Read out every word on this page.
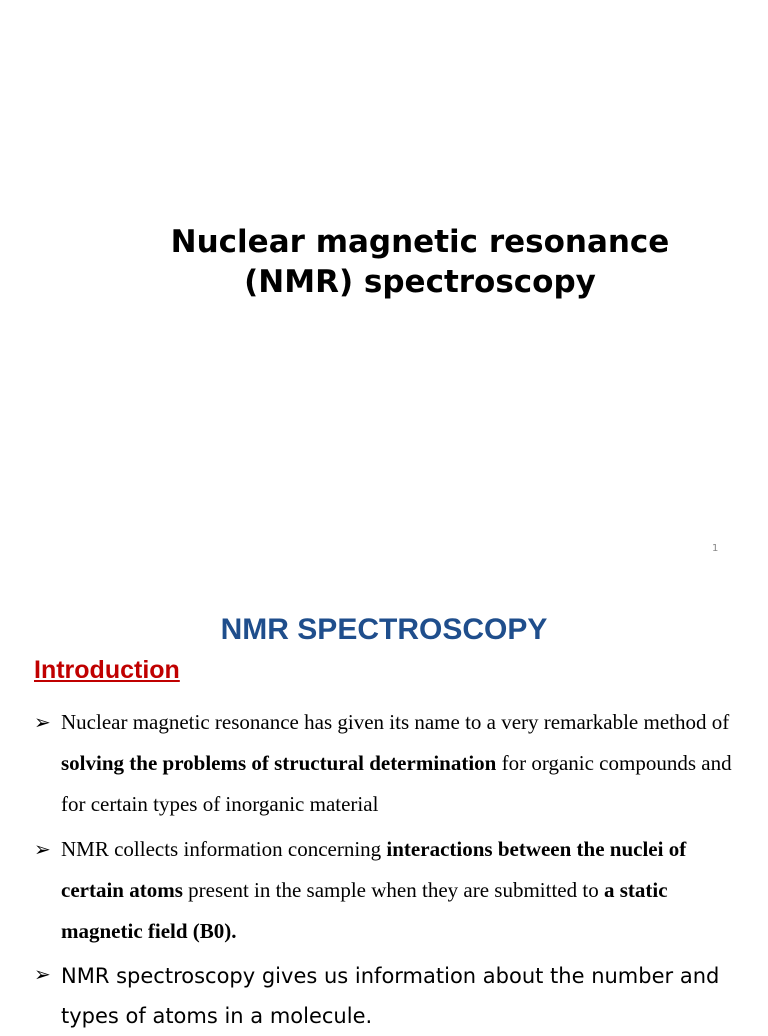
Nuclear magnetic resonance
(NMR) spectroscopy
1
NMR SPECTROSCOPY
Introduction
➢ Nuclear magnetic resonance has given its name to a very remarkable method of solving the problems of structural determination for organic compounds and for certain types of inorganic material
➢ NMR collects information concerning interactions between the nuclei of certain atoms present in the sample when they are submitted to a static magnetic field (B0).
➢ NMR spectroscopy gives us information about the number and types of atoms in a molecule.
